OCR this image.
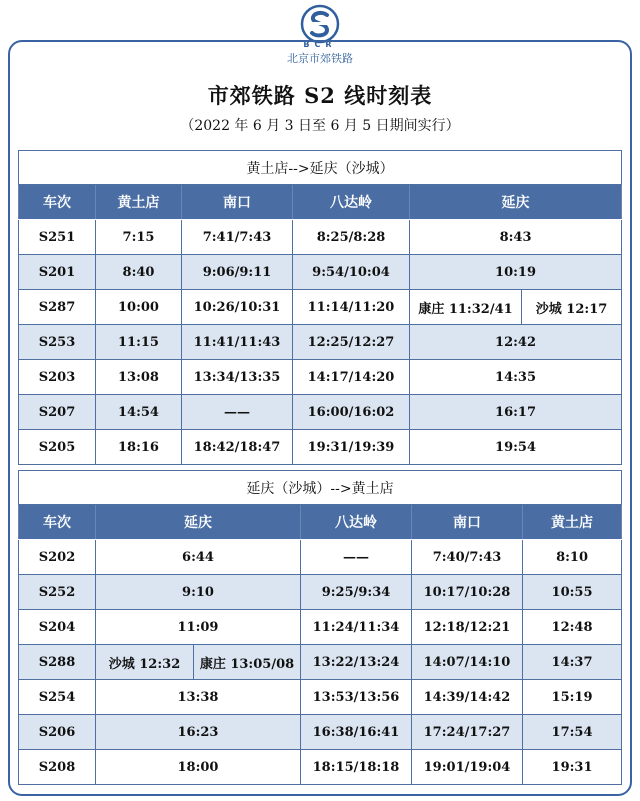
BCR
北京市郊铁路
市郊铁路 S2 线时刻表
（2022 年 6 月 3 日至 6 月 5 日期间实行）
黄土店-->延庆（沙城）					
车次	黄土店	南口	八达岭	延庆	
S251	7:15	7:41/7:43	8:25/8:28	8:43	
S201	8:40	9:06/9:11	9:54/10:04	10:19	
S287	10:00	10:26/10:31	11:14/11:20	康庄 11:32/41	沙城 12:17
S253	11:15	11:41/11:43	12:25/12:27	12:42	
S203	13:08	13:34/13:35	14:17/14:20	14:35	
S207	14:54	——	16:00/16:02	16:17	
S205	18:16	18:42/18:47	19:31/19:39	19:54	
延庆（沙城）-->黄土店					
车次	延庆		八达岭	南口	黄土店
S202	6:44		——	7:40/7:43	8:10
S252	9:10		9:25/9:34	10:17/10:28	10:55
S204	11:09		11:24/11:34	12:18/12:21	12:48
S288	沙城 12:32	康庄 13:05/08	13:22/13:24	14:07/14:10	14:37
S254	13:38		13:53/13:56	14:39/14:42	15:19
S206	16:23		16:38/16:41	17:24/17:27	17:54
S208	18:00		18:15/18:18	19:01/19:04	19:31
